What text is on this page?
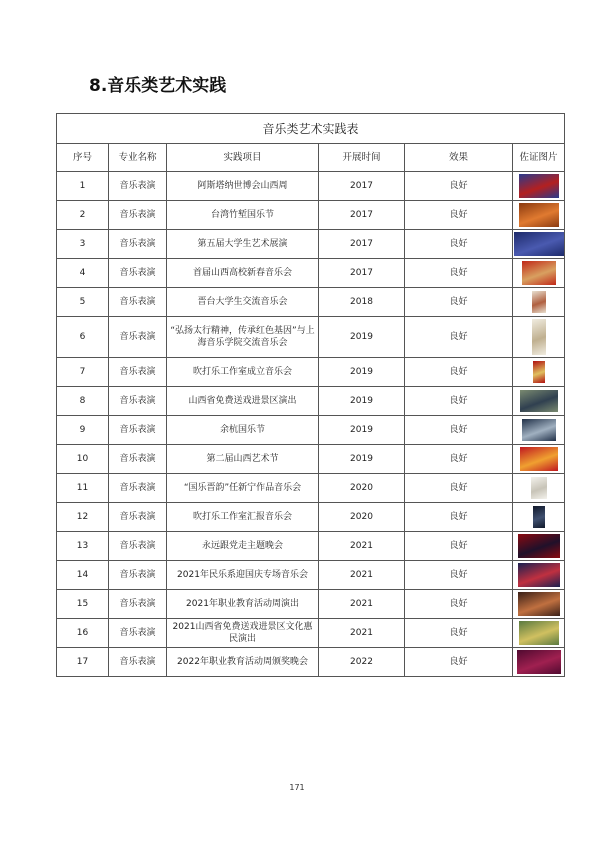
8.音乐类艺术实践
音乐类艺术实践表					
序号	专业名称	实践项目	开展时间	效果	佐证图片
1	音乐表演	阿斯塔纳世博会山西周	2017	良好	

2	音乐表演	台湾竹堑国乐节	2017	良好	

3	音乐表演	第五届大学生艺术展演	2017	良好	

4	音乐表演	首届山西高校新春音乐会	2017	良好	

5	音乐表演	晋台大学生交流音乐会	2018	良好	

6	音乐表演	“弘扬太行精神，传承红色基因”与上海音乐学院交流音乐会	2019	良好	

7	音乐表演	吹打乐工作室成立音乐会	2019	良好	

8	音乐表演	山西省免费送戏进景区演出	2019	良好	

9	音乐表演	余杭国乐节	2019	良好	

10	音乐表演	第二届山西艺术节	2019	良好	

11	音乐表演	“国乐晋韵”任新宁作品音乐会	2020	良好	

12	音乐表演	吹打乐工作室汇报音乐会	2020	良好	

13	音乐表演	永远跟党走主题晚会	2021	良好	

14	音乐表演	2021年民乐系迎国庆专场音乐会	2021	良好	

15	音乐表演	2021年职业教育活动周演出	2021	良好	

16	音乐表演	2021山西省免费送戏进景区文化惠民演出	2021	良好	

17	音乐表演	2022年职业教育活动周颁奖晚会	2022	良好	
171
